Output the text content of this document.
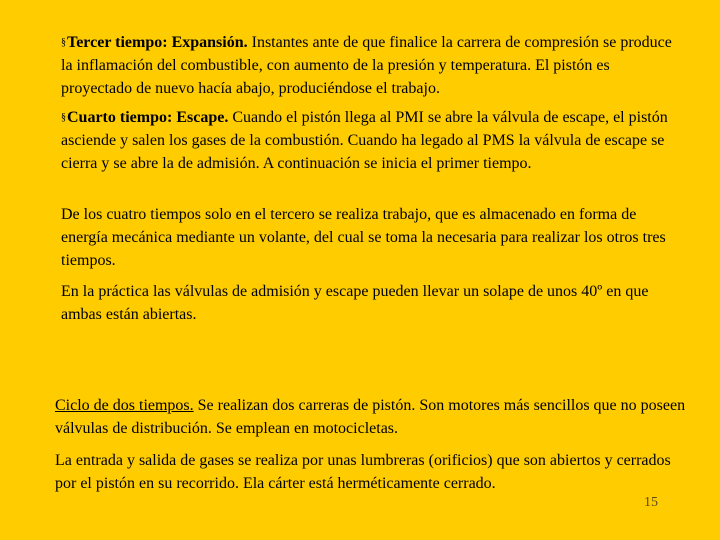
§Tercer tiempo: Expansión. Instantes ante de que finalice la carrera de compresión se produce la inflamación del combustible, con aumento de la presión y temperatura. El pistón es proyectado de nuevo hacía abajo, produciéndose el trabajo.

§Cuarto tiempo: Escape. Cuando el pistón llega al PMI se abre la válvula de escape, el pistón asciende y salen los gases de la combustión. Cuando ha legado al PMS la válvula de escape se cierra y se abre la de admisión. A continuación se inicia el primer tiempo.

De los cuatro tiempos solo en el tercero se realiza trabajo, que es almacenado en forma de energía mecánica mediante un volante, del cual se toma la necesaria para realizar los otros tres tiempos.

En la práctica las válvulas de admisión y escape pueden llevar un solape de unos 40º en que ambas están abiertas.

Ciclo de dos tiempos. Se realizan dos carreras de pistón. Son motores más sencillos que no poseen válvulas de distribución. Se emplean en motocicletas.

La entrada y salida de gases se realiza por unas lumbreras (orificios) que son abiertos y cerrados por el pistón en su recorrido. Ela cárter está herméticamente cerrado.

15
